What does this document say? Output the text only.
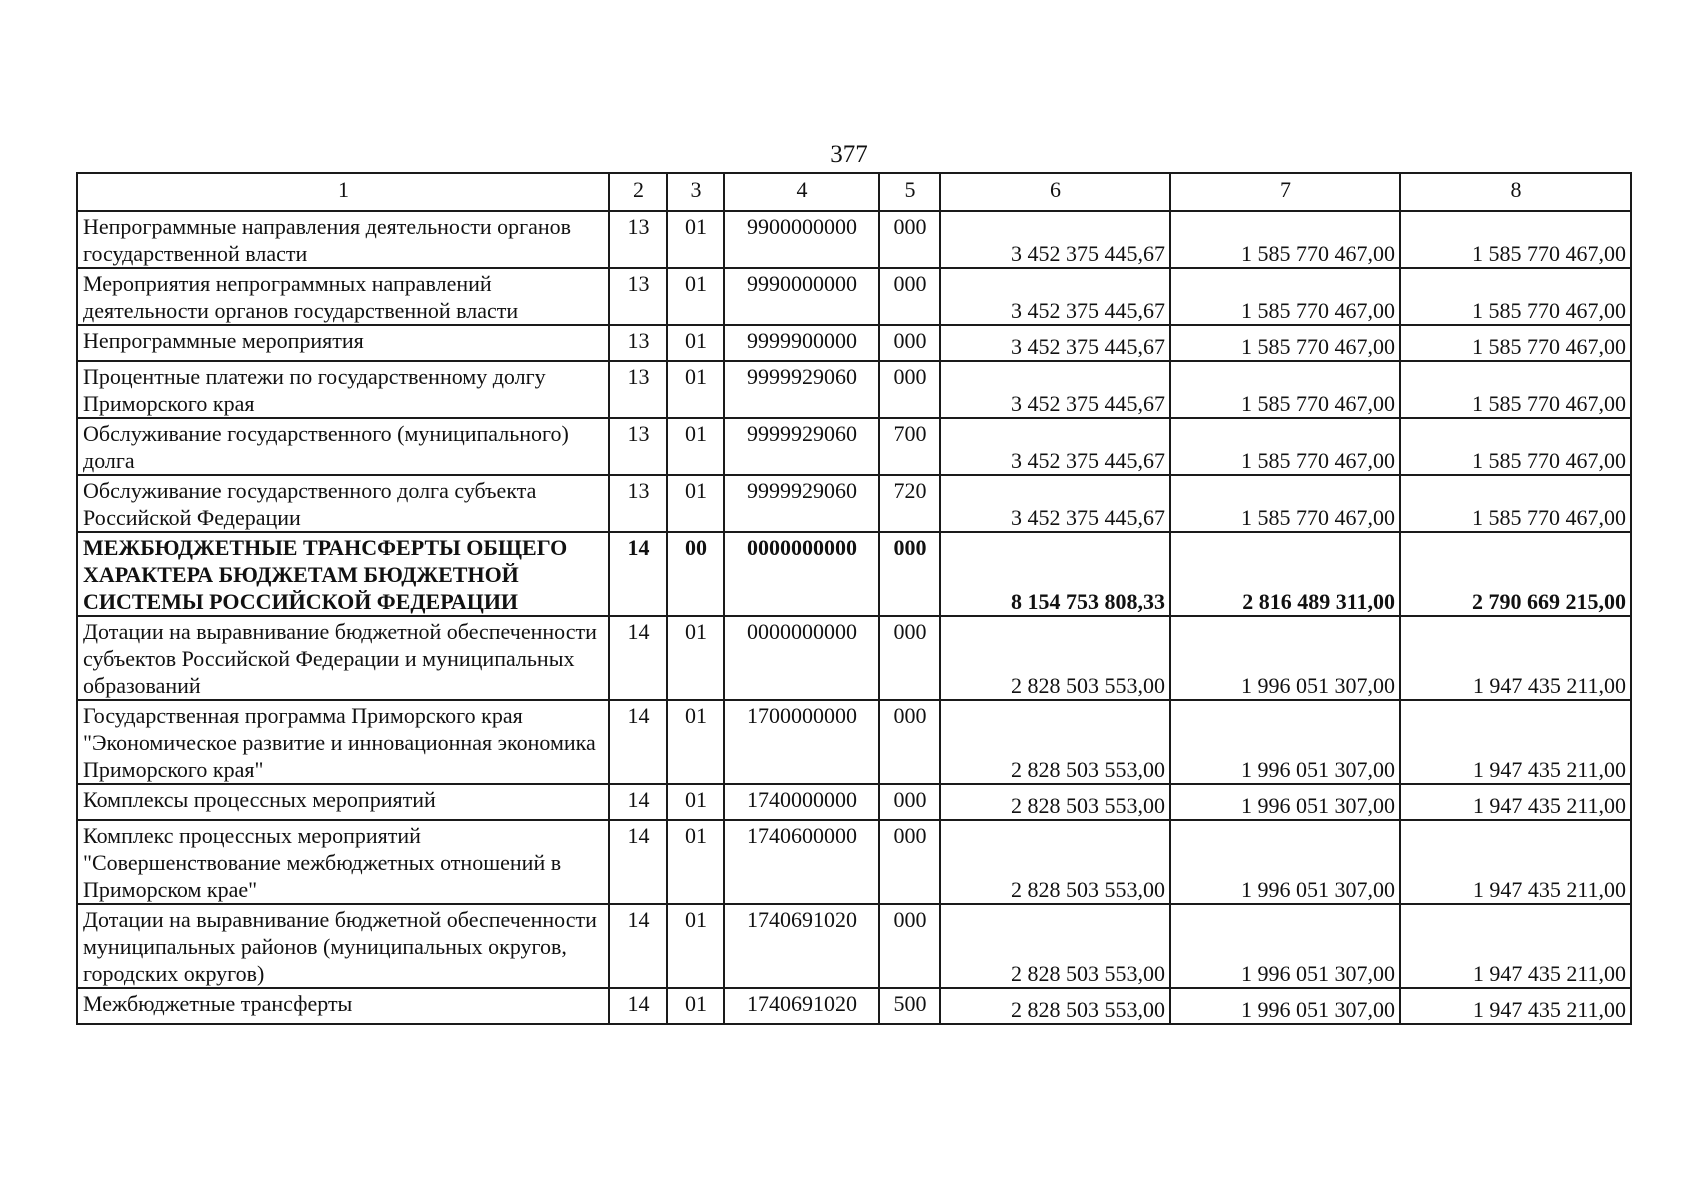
377
1	2	3	4	5	6	7	8
Непрограммные направления деятельности органов государственной власти	13	01	9900000000	000	3 452 375 445,67	1 585 770 467,00	1 585 770 467,00
Мероприятия непрограммных направлений деятельности органов государственной власти	13	01	9990000000	000	3 452 375 445,67	1 585 770 467,00	1 585 770 467,00
Непрограммные мероприятия	13	01	9999900000	000	3 452 375 445,67	1 585 770 467,00	1 585 770 467,00
Процентные платежи по государственному долгу Приморского края	13	01	9999929060	000	3 452 375 445,67	1 585 770 467,00	1 585 770 467,00
Обслуживание государственного (муниципального) долга	13	01	9999929060	700	3 452 375 445,67	1 585 770 467,00	1 585 770 467,00
Обслуживание государственного долга субъекта Российской Федерации	13	01	9999929060	720	3 452 375 445,67	1 585 770 467,00	1 585 770 467,00
МЕЖБЮДЖЕТНЫЕ ТРАНСФЕРТЫ ОБЩЕГО ХАРАКТЕРА БЮДЖЕТАМ БЮДЖЕТНОЙ СИСТЕМЫ РОССИЙСКОЙ ФЕДЕРАЦИИ	14	00	0000000000	000	8 154 753 808,33	2 816 489 311,00	2 790 669 215,00
Дотации на выравнивание бюджетной обеспеченности субъектов Российской Федерации и муниципальных образований	14	01	0000000000	000	2 828 503 553,00	1 996 051 307,00	1 947 435 211,00
Государственная программа Приморского края "Экономическое развитие и инновационная экономика Приморского края"	14	01	1700000000	000	2 828 503 553,00	1 996 051 307,00	1 947 435 211,00
Комплексы процессных мероприятий	14	01	1740000000	000	2 828 503 553,00	1 996 051 307,00	1 947 435 211,00
Комплекс процессных мероприятий "Совершенствование межбюджетных отношений в Приморском крае"	14	01	1740600000	000	2 828 503 553,00	1 996 051 307,00	1 947 435 211,00
Дотации на выравнивание бюджетной обеспеченности муниципальных районов (муниципальных округов, городских округов)	14	01	1740691020	000	2 828 503 553,00	1 996 051 307,00	1 947 435 211,00
Межбюджетные трансферты	14	01	1740691020	500	2 828 503 553,00	1 996 051 307,00	1 947 435 211,00
